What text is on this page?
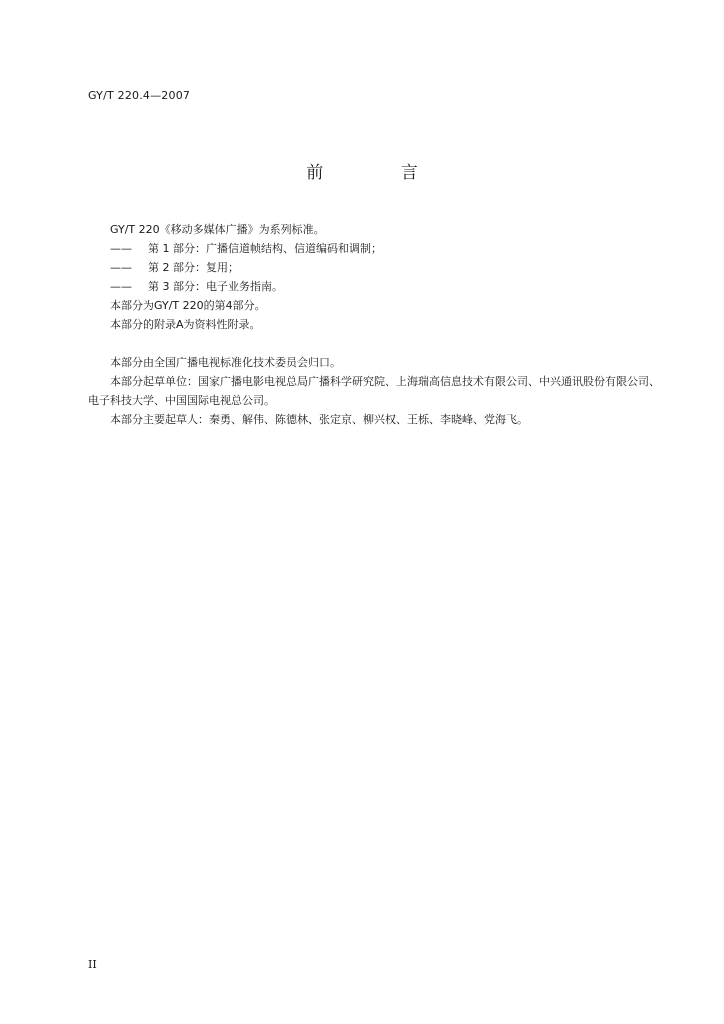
GY/T 220.4—2007
前 言

GY/T 220《移动多媒体广播》为系列标准。

——	第 1 部分：广播信道帧结构、信道编码和调制；
——	第 2 部分：复用；
——	第 3 部分：电子业务指南。

本部分为GY/T 220的第4部分。

本部分的附录A为资料性附录。

本部分由全国广播电视标准化技术委员会归口。

本部分起草单位：国家广播电影电视总局广播科学研究院、上海瑞高信息技术有限公司、中兴通讯股份有限公司、电子科技大学、中国国际电视总公司。

本部分主要起草人：秦勇、解伟、陈德林、张定京、柳兴权、王栎、李晓峰、党海飞。

II
